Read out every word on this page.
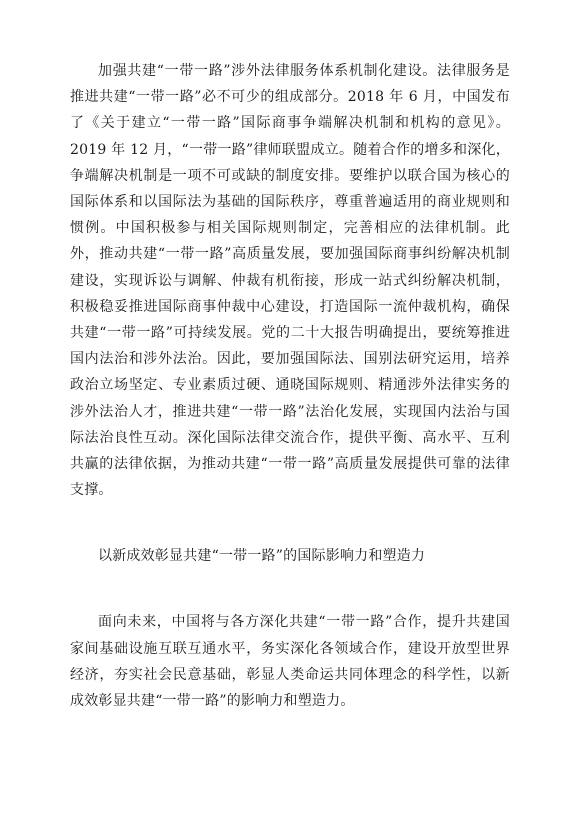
加强共建“一带一路”涉外法律服务体系机制化建设。法律服务是推进共建“一带一路”必不可少的组成部分。2018 年 6 月，中国发布了《关于建立“一带一路”国际商事争端解决机制和机构的意见》。2019 年 12 月，“一带一路”律师联盟成立。随着合作的增多和深化，争端解决机制是一项不可或缺的制度安排。要维护以联合国为核心的国际体系和以国际法为基础的国际秩序，尊重普遍适用的商业规则和惯例。中国积极参与相关国际规则制定，完善相应的法律机制。此外，推动共建“一带一路”高质量发展，要加强国际商事纠纷解决机制建设，实现诉讼与调解、仲裁有机衔接，形成一站式纠纷解决机制，积极稳妥推进国际商事仲裁中心建设，打造国际一流仲裁机构，确保共建“一带一路”可持续发展。党的二十大报告明确提出，要统筹推进国内法治和涉外法治。因此，要加强国际法、国别法研究运用，培养政治立场坚定、专业素质过硬、通晓国际规则、精通涉外法律实务的涉外法治人才，推进共建“一带一路”法治化发展，实现国内法治与国际法治良性互动。深化国际法律交流合作，提供平衡、高水平、互利共赢的法律依据，为推动共建“一带一路”高质量发展提供可靠的法律支撑。

以新成效彰显共建“一带一路”的国际影响力和塑造力

面向未来，中国将与各方深化共建“一带一路”合作，提升共建国家间基础设施互联互通水平，务实深化各领域合作，建设开放型世界经济，夯实社会民意基础，彰显人类命运共同体理念的科学性，以新成效彰显共建“一带一路”的影响力和塑造力。
